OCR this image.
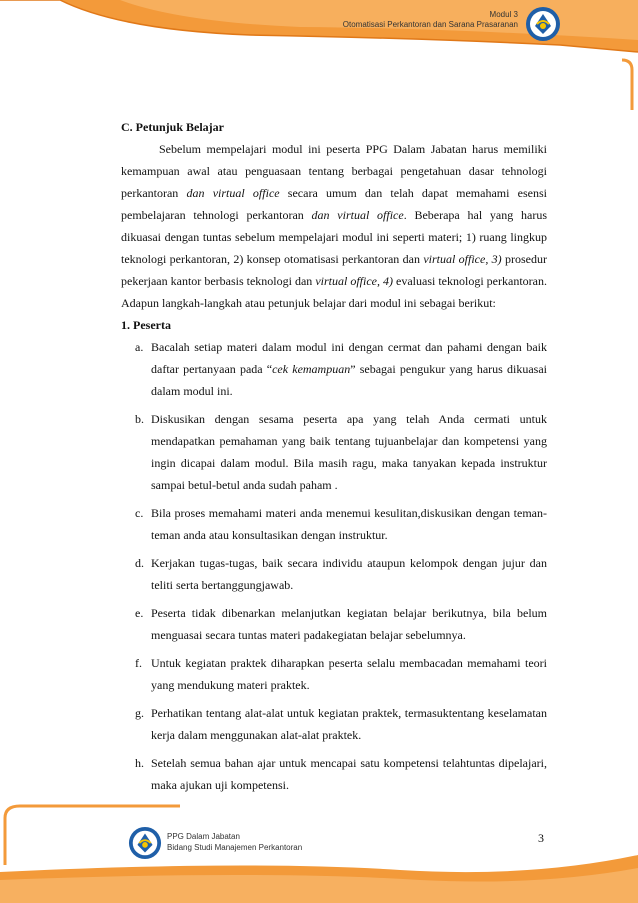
Modul 3
Otomatisasi Perkantoran dan Sarana Prasaranan

C. Petunjuk Belajar

Sebelum mempelajari modul ini peserta PPG Dalam Jabatan harus memiliki kemampuan awal atau penguasaan tentang berbagai pengetahuan dasar tehnologi perkantoran dan virtual office secara umum dan telah dapat memahami esensi pembelajaran tehnologi perkantoran dan virtual office. Beberapa hal yang harus dikuasai dengan tuntas sebelum mempelajari modul ini seperti materi; 1) ruang lingkup teknologi perkantoran, 2) konsep otomatisasi perkantoran dan virtual office, 3) prosedur pekerjaan kantor berbasis teknologi dan virtual office, 4) evaluasi teknologi perkantoran. Adapun langkah-langkah atau petunjuk belajar dari modul ini sebagai berikut:

1. Peserta

a. Bacalah setiap materi dalam modul ini dengan cermat dan pahami dengan baik daftar pertanyaan pada “cek kemampuan” sebagai pengukur yang harus dikuasai dalam modul ini.
b. Diskusikan dengan sesama peserta apa yang telah Anda cermati untuk mendapatkan pemahaman yang baik tentang tujuanbelajar dan kompetensi yang ingin dicapai dalam modul. Bila masih ragu, maka tanyakan kepada instruktur sampai betul-betul anda sudah paham .
c. Bila proses memahami materi anda menemui kesulitan,diskusikan dengan teman-teman anda atau konsultasikan dengan instruktur.
d. Kerjakan tugas-tugas, baik secara individu ataupun kelompok dengan jujur dan teliti serta bertanggungjawab.
e. Peserta tidak dibenarkan melanjutkan kegiatan belajar berikutnya, bila belum menguasai secara tuntas materi padakegiatan belajar sebelumnya.
f. Untuk kegiatan praktek diharapkan peserta selalu membacadan memahami teori yang mendukung materi praktek.
g. Perhatikan tentang alat-alat untuk kegiatan praktek, termasuktentang keselamatan kerja dalam menggunakan alat-alat praktek.
h. Setelah semua bahan ajar untuk mencapai satu kompetensi telahtuntas dipelajari, maka ajukan uji kompetensi.
PPG Dalam Jabatan
Bidang Studi Manajemen Perkantoran
3
